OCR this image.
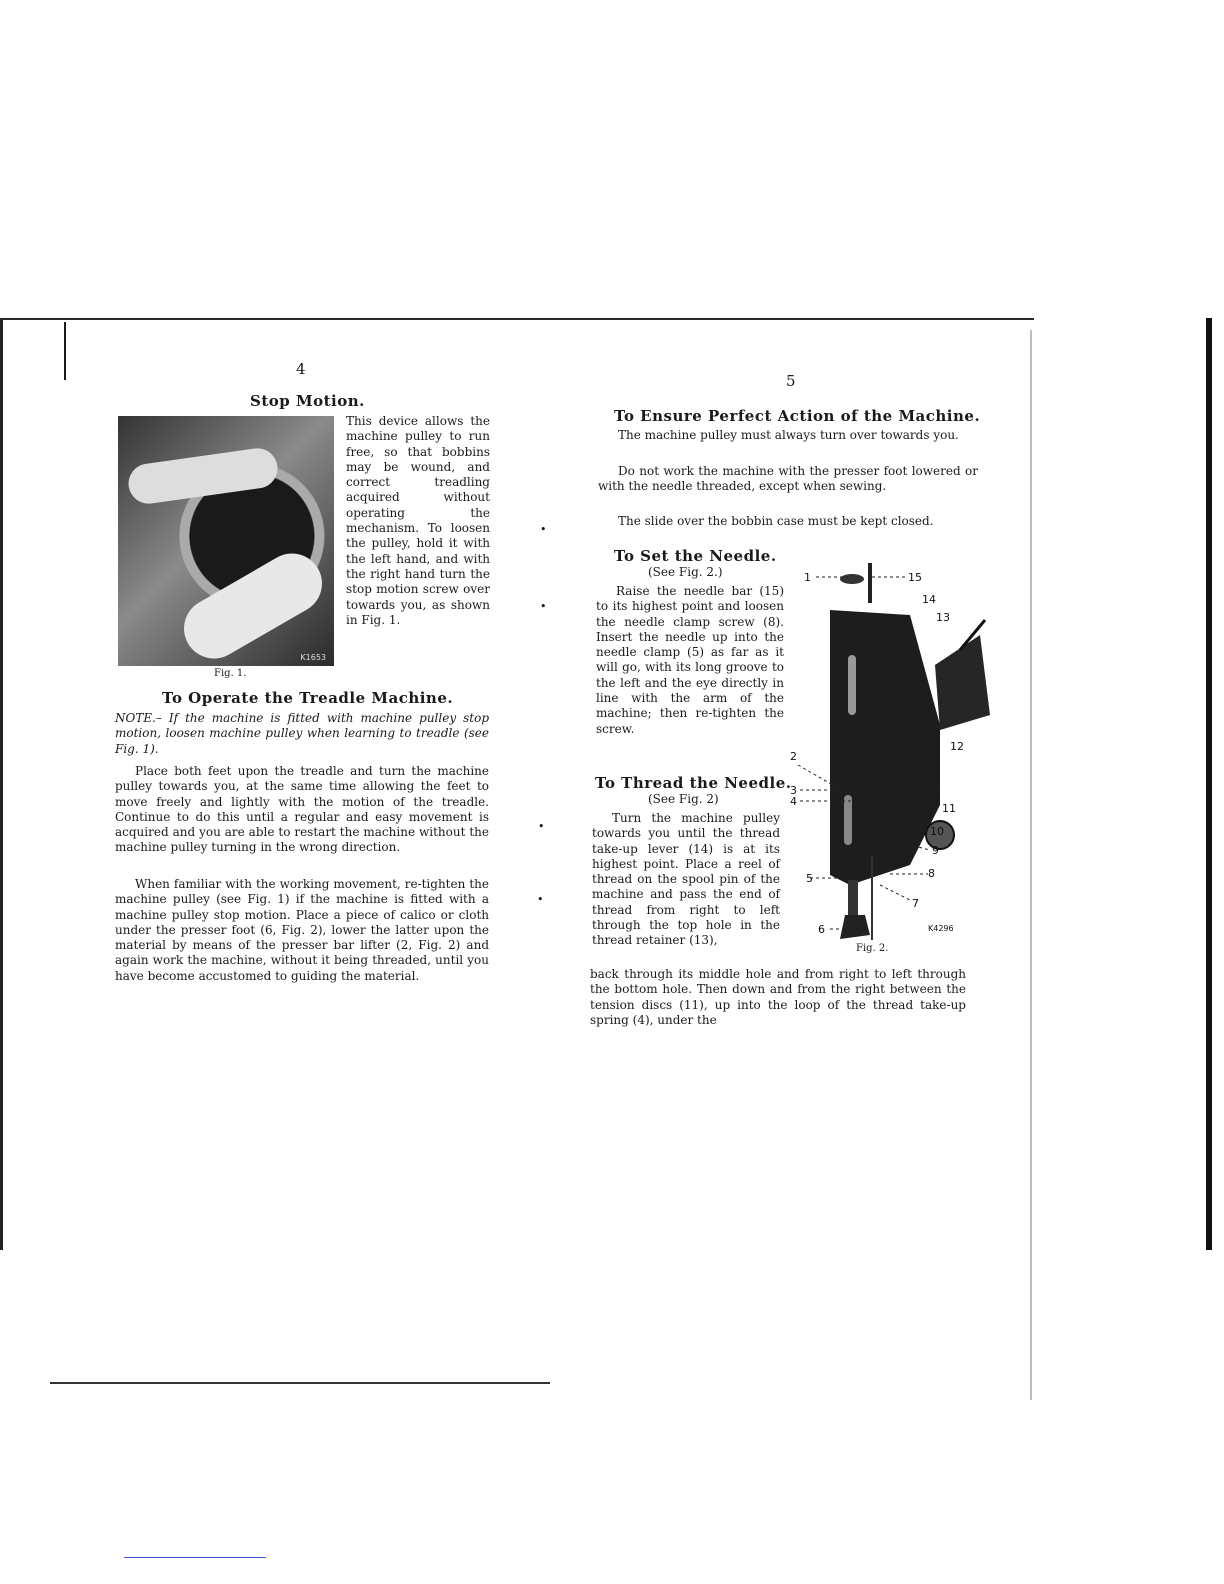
4
Stop Motion.
K1653

This device allows the machine pulley to run free, so that bobbins may be wound, and correct treadling acquired without operating the mechanism. To loosen the pulley, hold it with the left hand, and with the right hand turn the stop motion screw over towards you, as shown in Fig. 1.

Fig. 1.
To Operate the Treadle Machine.

NOTE.– If the machine is fitted with machine pulley stop motion, loosen machine pulley when learning to treadle (see Fig. 1).

Place both feet upon the treadle and turn the machine pulley towards you, at the same time allowing the feet to move freely and lightly with the motion of the treadle. Continue to do this until a regular and easy movement is acquired and you are able to restart the machine without the machine pulley turning in the wrong direction.

When familiar with the working movement, re-tighten the machine pulley (see Fig. 1) if the machine is fitted with a machine pulley stop motion. Place a piece of calico or cloth under the presser foot (6, Fig. 2), lower the latter upon the material by means of the presser bar lifter (2, Fig. 2) and again work the machine, without it being threaded, until you have become accustomed to guiding the material.

•
•
•
•
5
To Ensure Perfect Action of the Machine.

The machine pulley must always turn over towards you.

Do not work the machine with the presser foot lowered or with the needle threaded, except when sewing.

The slide over the bobbin case must be kept closed.

To Set the Needle.
(See Fig. 2.)

Raise the needle bar (15) to its highest point and loosen the needle clamp screw (8). Insert the needle up into the needle clamp (5) as far as it will go, with its long groove to the left and the eye directly in line with the arm of the machine; then re-tighten the screw.

To Thread the Needle.
(See Fig. 2)

Turn the machine pulley towards you until the thread take-up lever (14) is at its highest point. Place a reel of thread on the spool pin of the machine and pass the end of thread from right to left through the top hole in the thread retainer (13),

back through its middle hole and from right to left through the bottom hole. Then down and from the right between the tension discs (11), up into the loop of the thread take-up spring (4), under the

1
2
3
4
5
6
7
8
9
10
11
12
13
14
15
K4296
Fig. 2.
